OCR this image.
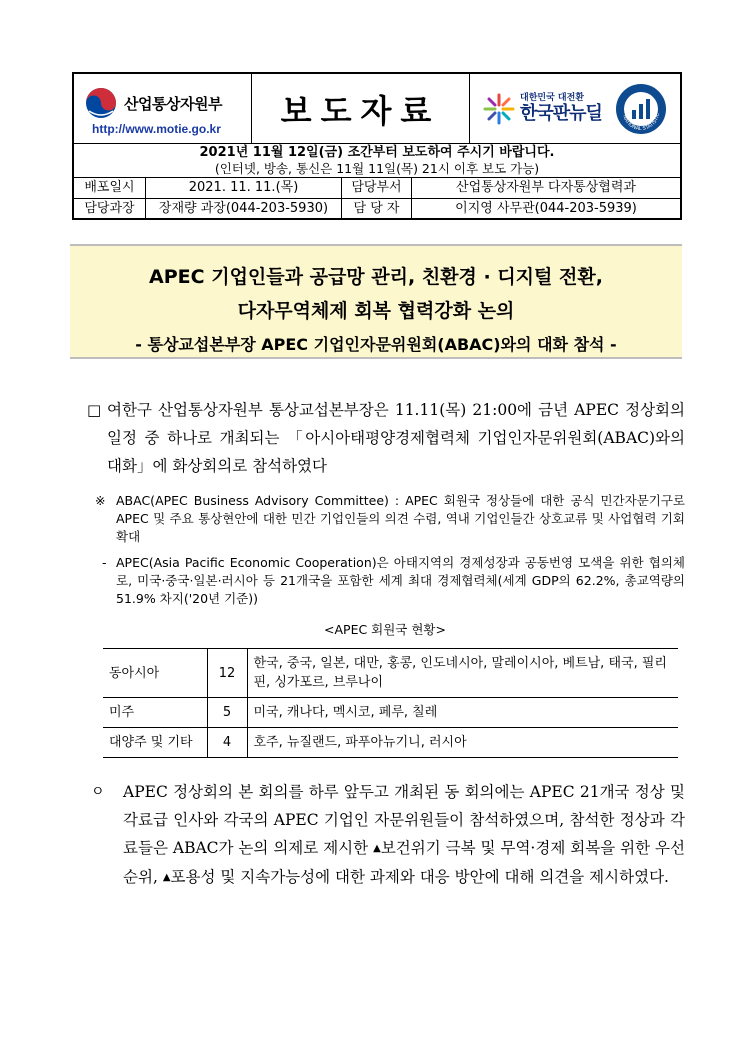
산업통상자원부
http://www.motie.go.kr 보도자료	대한민국 대전환
한국판뉴딜	NATIONAL STATISTIC
2021년 11월 12일(금) 조간부터 보도하여 주시기 바랍니다.
(인터넷, 방송, 통신은 11월 11일(목) 21시 이후 보도 가능)
배포일시	2021. 11. 11.(목)	담당부서	산업통상자원부 다자통상협력과
담당과장	장재량 과장(044-203-5930)	담 당 자	이지영 사무관(044-203-5939)
APEC 기업인들과 공급망 관리, 친환경 · 디지털 전환,
다자무역체제 회복 협력강화 논의
- 통상교섭본부장 APEC 기업인자문위원회(ABAC)와의 대화 참석 -
□ 여한구 산업통상자원부 통상교섭본부장은 11.11(목) 21:00에 금년 APEC 정상회의 일정 중 하나로 개최되는 「아시아태평양경제협력체 기업인자문위원회(ABAC)와의 대화」에 화상회의로 참석하였다
※ ABAC(APEC Business Advisory Committee) : APEC 회원국 정상들에 대한 공식 민간자문기구로 APEC 및 주요 통상현안에 대한 민간 기업인들의 의견 수렴, 역내 기업인들간 상호교류 및 사업협력 기회 확대
- APEC(Asia Pacific Economic Cooperation)은 아태지역의 경제성장과 공동번영 모색을 위한 협의체로, 미국·중국·일본·러시아 등 21개국을 포함한 세계 최대 경제협력체(세계 GDP의 62.2%, 총교역량의 51.9% 차지('20년 기준))
<APEC 회원국 현황>
동아시아	12	한국, 중국, 일본, 대만, 홍콩, 인도네시아, 말레이시아, 베트남, 태국, 필리핀, 싱가포르, 브루나이
미주	5	미국, 캐나다, 멕시코, 페루, 칠레
대양주 및 기타	4	호주, 뉴질랜드, 파푸아뉴기니, 러시아
ㅇ APEC 정상회의 본 회의를 하루 앞두고 개최된 동 회의에는 APEC 21개국 정상 및 각료급 인사와 각국의 APEC 기업인 자문위원들이 참석하였으며, 참석한 정상과 각료들은 ABAC가 논의 의제로 제시한 ▲보건위기 극복 및 무역·경제 회복을 위한 우선순위, ▲포용성 및 지속가능성에 대한 과제와 대응 방안에 대해 의견을 제시하였다.
